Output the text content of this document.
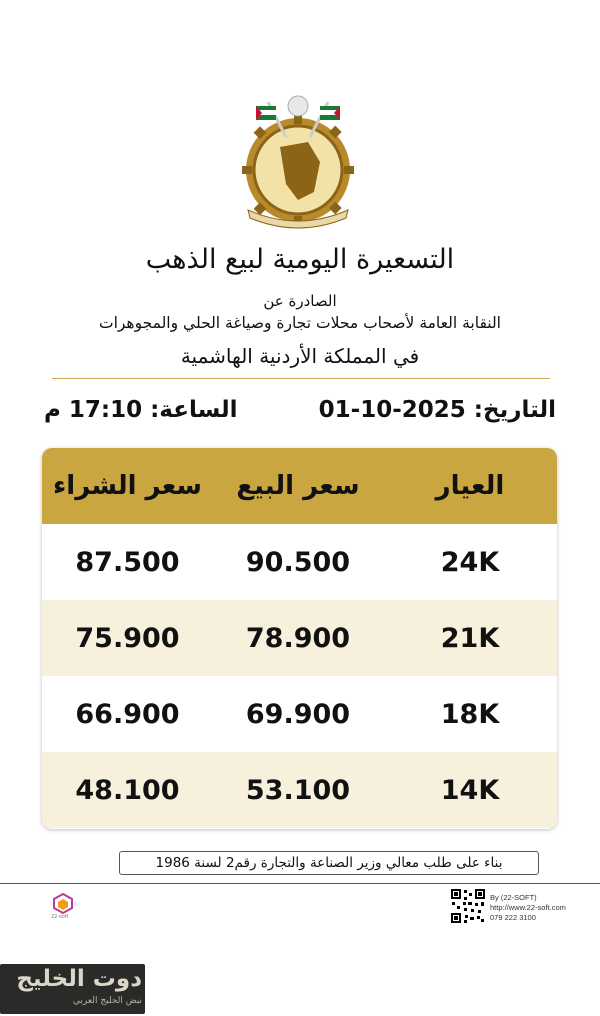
التسعيرة اليومية لبيع الذهب
الصادرة عن
النقابة العامة لأصحاب محلات تجارة وصياغة الحلي والمجوهرات
في المملكة الأردنية الهاشمية
التاريخ: 01-10-2025
الساعة: 17:10 م
العيار
سعر البيع
سعر الشراء
24K
90.500
87.500
21K
78.900
75.900
18K
69.900
66.900
14K
53.100
48.100
بناء على طلب معالي وزير الصناعة والتجارة رقم2 لسنة 1986
22-soft
By (22-SOFT)
http://www.22-soft.com
079 222 3100
دوت الخليج
نبض الخليج العربي
